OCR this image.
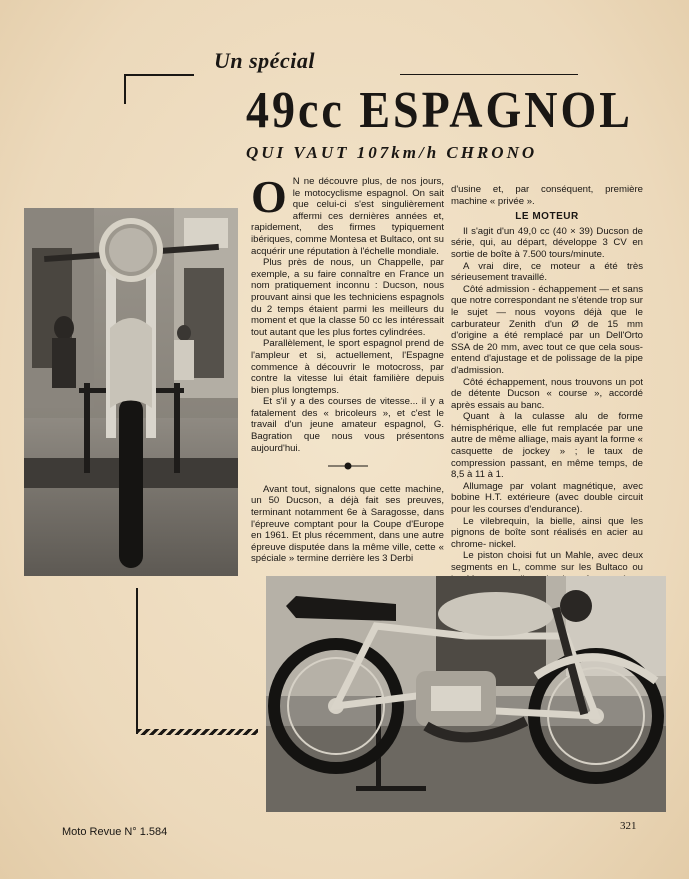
Un spécial
49cc ESPAGNOL
QUI VAUT 107km/h CHRONO
O N ne découvre plus, de nos jours, le motocyclisme espagnol. On sait que celui-ci s'est singulièrement affermi ces dernières années et, rapidement, des firmes typiquement ibériques, comme Montesa et Bultaco, ont su acquérir une réputation à l'échelle mondiale.

Plus près de nous, un Chappelle, par exemple, a su faire connaître en France un nom pratiquement inconnu : Ducson, nous prouvant ainsi que les techniciens espagnols du 2 temps étaient parmi les meilleurs du moment et que la classe 50 cc les intéressait tout autant que les plus fortes cylindrées.

Parallèlement, le sport espagnol prend de l'ampleur et si, actuellement, l'Espagne commence à découvrir le motocross, par contre la vitesse lui était familière depuis bien plus longtemps.

Et s'il y a des courses de vitesse... il y a fatalement des « bricoleurs », et c'est le travail d'un jeune amateur espagnol, G. Bagration que nous vous présentons aujourd'hui.

Avant tout, signalons que cette machine, un 50 Ducson, a déjà fait ses preuves, terminant notamment 6e à Saragosse, dans l'épreuve comptant pour la Coupe d'Europe en 1961. Et plus récemment, dans une autre épreuve disputée dans la même ville, cette « spéciale » termine derrière les 3 Derbi

d'usine et, par conséquent, première machine « privée ».

LE MOTEUR

Il s'agit d'un 49,0 cc (40 × 39) Ducson de série, qui, au départ, développe 3 CV en sortie de boîte à 7.500 tours/minute.

A vrai dire, ce moteur a été très sérieusement travaillé.

Côté admission - échappement — et sans que notre correspondant ne s'étende trop sur le sujet — nous voyons déjà que le carburateur Zenith d'un Ø de 15 mm d'origine a été remplacé par un Dell'Orto SSA de 20 mm, avec tout ce que cela sous-entend d'ajustage et de polissage de la pipe d'admission.

Côté échappement, nous trouvons un pot de détente Ducson « course », accordé après essais au banc.

Quant à la culasse alu de forme hémisphérique, elle fut remplacée par une autre de même alliage, mais ayant la forme « casquette de jockey » ; le taux de compression passant, en même temps, de 8,5 à 11 à 1.

Allumage par volant magnétique, avec bobine H.T. extérieure (avec double circuit pour les courses d'endurance).

Le vilebrequin, la bielle, ainsi que les pignons de boîte sont réalisés en acier au chrome- nickel.

Le piston choisi fut un Mahle, avec deux segments en L, comme sur les Bultaco ou

Moto Revue N° 1.584	321
